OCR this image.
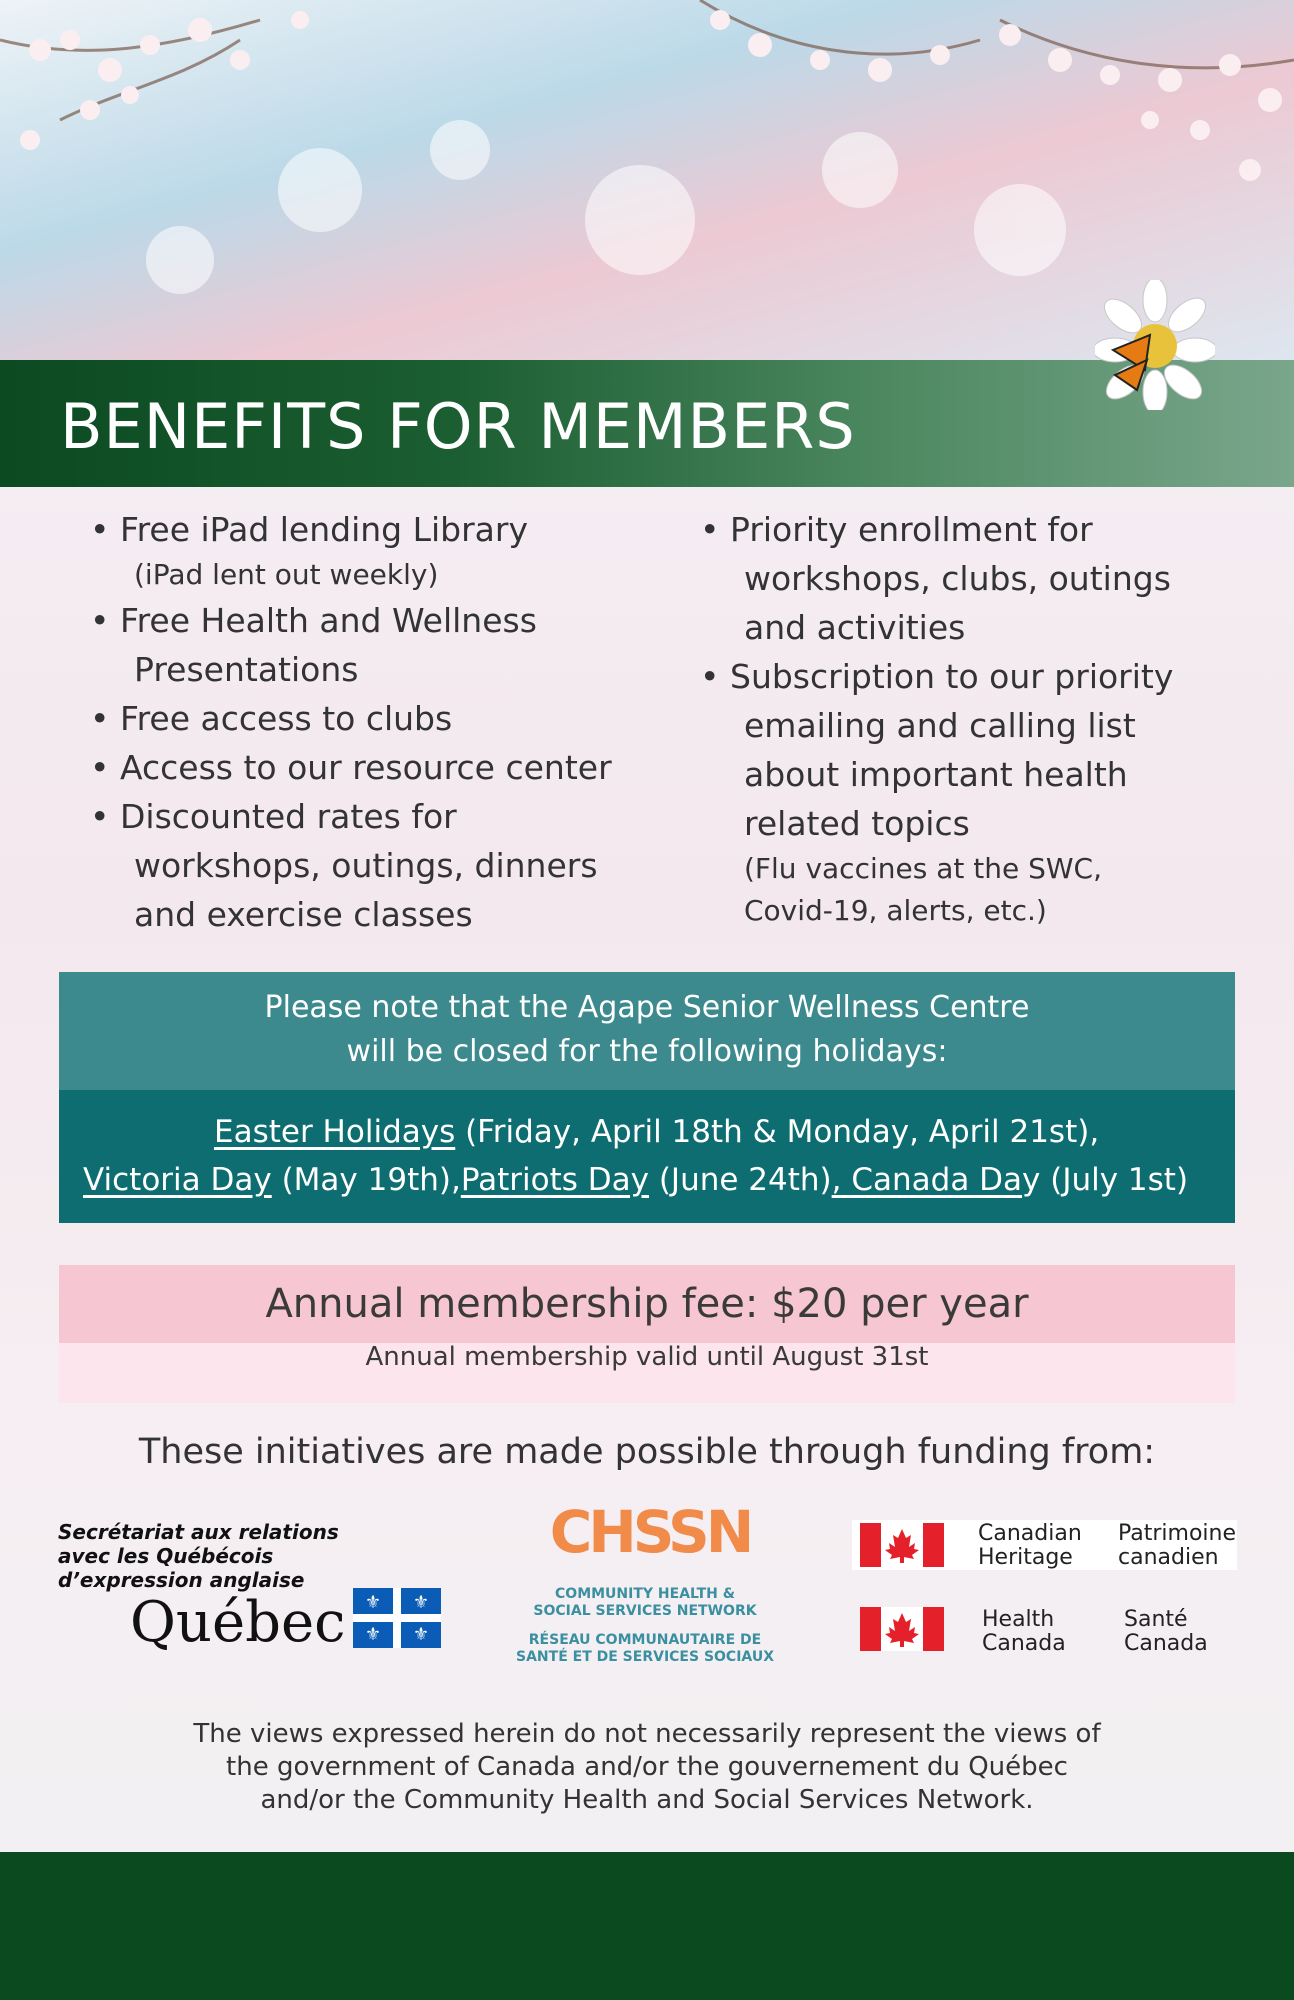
BENEFITS FOR MEMBERS
• Free iPad lending Library
(iPad lent out weekly)
• Free Health and Wellness
Presentations
• Free access to clubs
• Access to our resource center
• Discounted rates for
workshops, outings, dinners
and exercise classes
• Priority enrollment for
workshops, clubs, outings
and activities
• Subscription to our priority
emailing and calling list
about important health
related topics
(Flu vaccines at the SWC,
Covid-19, alerts, etc.)
Please note that the Agape Senior Wellness Centre
will be closed for the following holidays:
Easter Holidays (Friday, April 18th & Monday, April 21st),
Victoria Day (May 19th),Patriots Day (June 24th), Canada Day (July 1st)
Annual membership fee: $20 per year
Annual membership valid until August 31st
These initiatives are made possible through funding from:
Secrétariat aux relations
avec les Québécois
d’expression anglaise
Québec ⚜ ⚜
⚜ ⚜
CHSSN
COMMUNITY HEALTH &
SOCIAL SERVICES NETWORK
RÉSEAU COMMUNAUTAIRE DE
SANTÉ ET DE SERVICES SOCIAUX
Canadian
Heritage
Patrimoine
canadien
Health
Canada
Santé
Canada
The views expressed herein do not necessarily represent the views of
the government of Canada and/or the gouvernement du Québec
and/or the Community Health and Social Services Network.
